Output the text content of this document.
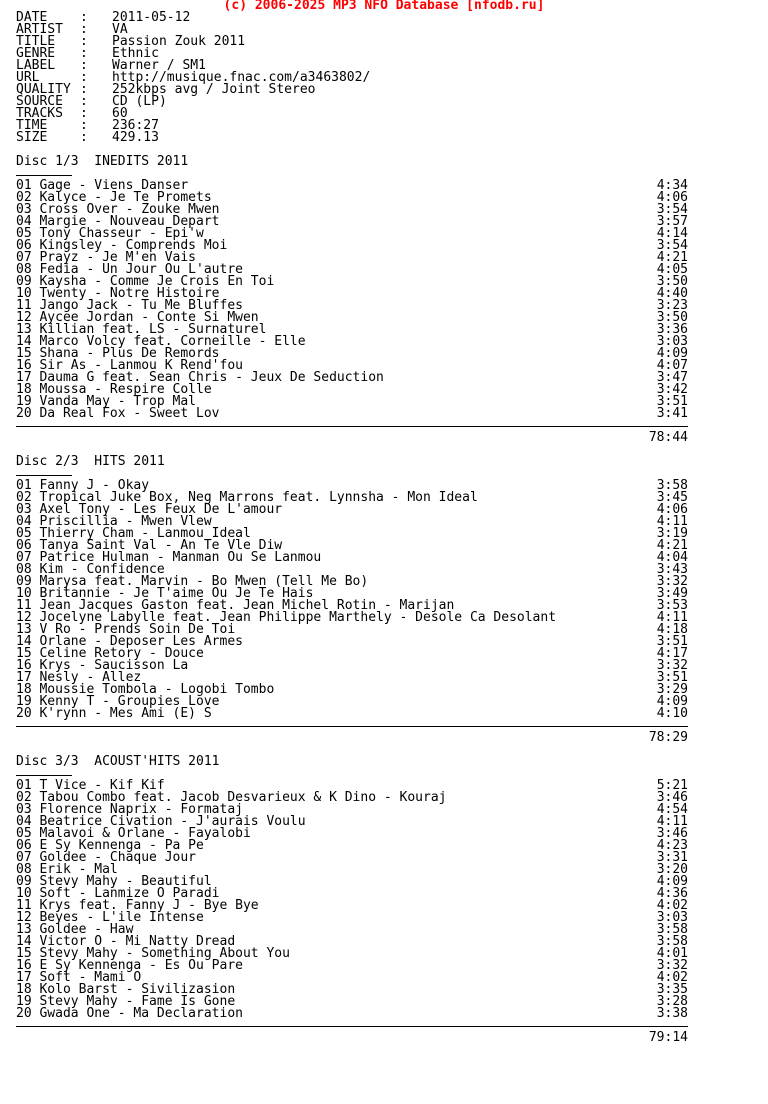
(c) 2006-2025 MP3 NFO Database [nfodb.ru]
DATE	: 2011-05-12
ARTIST : VA
TITLE : Passion Zouk 2011
GENRE : Ethnic
LABEL : Warner / SM1
URL	: http://musique.fnac.com/a3463802/
QUALITY : 252kbps avg / Joint Stereo
SOURCE : CD (LP)
TRACKS : 60
TIME	: 236:27
SIZE	: 429.13
Disc 1/3  INEDITS 2011
01 Gage - Viens Danser	4:34
02 Kalyce - Je Te Promets	4:06
03 Cross Over - Zouke Mwen	3:54
04 Margie - Nouveau Depart	3:57
05 Tony Chasseur - Epi'w	4:14
06 Kingsley - Comprends Moi	3:54
07 Prayz - Je M'en Vais	4:21
08 Fedia - Un Jour Ou L'autre	4:05
09 Kaysha - Comme Je Crois En Toi	3:50
10 Twenty - Notre Histoire	4:40
11 Jango Jack - Tu Me Bluffes	3:23
12 Aycee Jordan - Conte Si Mwen	3:50
13 Killian feat. LS - Surnaturel	3:36
14 Marco Volcy feat. Corneille - Elle	3:03
15 Shana - Plus De Remords	4:09
16 Sir As - Lanmou K Rend'fou	4:07
17 Dauma G feat. Sean Chris - Jeux De Seduction	3:47
18 Moussa - Respire Colle	3:42
19 Vanda May - Trop Mal	3:51
20 Da Real Fox - Sweet Lov	3:41
78:44
Disc 2/3  HITS 2011
01 Fanny J - Okay	3:58
02 Tropical Juke Box, Neg Marrons feat. Lynnsha - Mon Ideal	3:45
03 Axel Tony - Les Feux De L'amour	4:06
04 Priscillia - Mwen Vlew	4:11
05 Thierry Cham - Lanmou Ideal	3:19
06 Tanya Saint Val - An Te Vle Diw	4:21
07 Patrice Hulman - Manman Ou Se Lanmou	4:04
08 Kim - Confidence	3:43
09 Marysa feat. Marvin - Bo Mwen (Tell Me Bo)	3:32
10 Britannie - Je T'aime Ou Je Te Hais	3:49
11 Jean Jacques Gaston feat. Jean Michel Rotin - Marijan	3:53
12 Jocelyne Labylle feat. Jean Philippe Marthely - Desole Ca Desolant	4:11
13 V Ro - Prends Soin De Toi	4:18
14 Orlane - Deposer Les Armes	3:51
15 Celine Retory - Douce	4:17
16 Krys - Saucisson La	3:32
17 Nesly - Allez	3:51
18 Moussie Tombola - Logobi Tombo	3:29
19 Kenny T - Groupies Love	4:09
20 K'rynn - Mes Ami (E) S	4:10
78:29
Disc 3/3  ACOUST'HITS 2011
01 T Vice - Kif Kif	5:21
02 Tabou Combo feat. Jacob Desvarieux & K Dino - Kouraj	3:46
03 Florence Naprix - Formataj	4:54
04 Beatrice Civation - J'aurais Voulu	4:11
05 Malavoi & Orlane - Fayalobi	3:46
06 E Sy Kennenga - Pa Pe	4:23
07 Goldee - Chaque Jour	3:31
08 Erik - Mal	3:20
09 Stevy Mahy - Beautiful	4:09
10 Soft - Lanmize O Paradi	4:36
11 Krys feat. Fanny J - Bye Bye	4:02
12 Beyes - L'ile Intense	3:03
13 Goldee - Haw	3:58
14 Victor O - Mi Natty Dread	3:58
15 Stevy Mahy - Something About You	4:01
16 E Sy Kennenga - Es Ou Pare	3:32
17 Soft - Mami O	4:02
18 Kolo Barst - Sivilizasion	3:35
19 Stevy Mahy - Fame Is Gone	3:28
20 Gwada One - Ma Declaration	3:38
79:14
